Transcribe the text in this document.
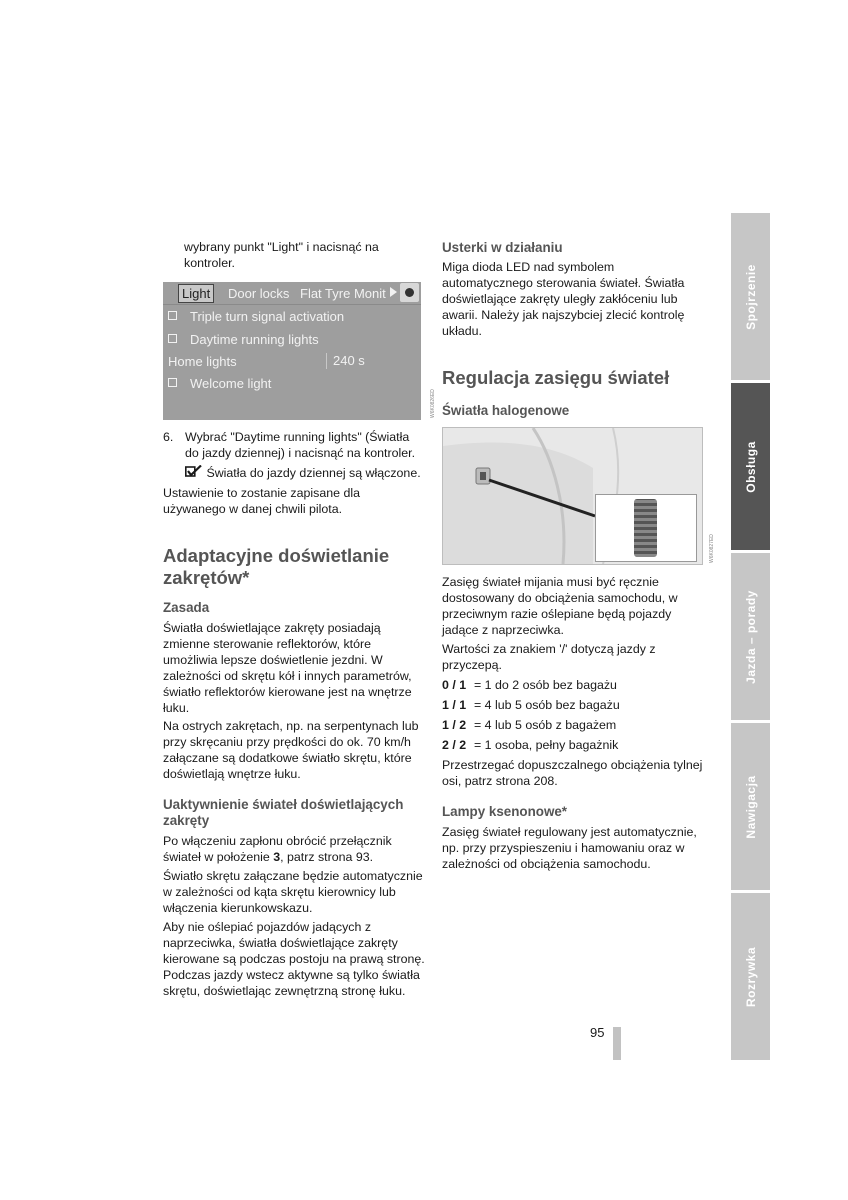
wybrany punkt "Light" i nacisnąć na kontroler.

Light	Door locks Flat Tyre Monit
Triple turn signal activation
Daytime running lights
Home lights	240 s
Welcome light
W6K0826ED
6. Wybrać "Daytime running lights" (Światła do jazdy dziennej) i nacisnąć na kontroler.

Światła do jazdy dziennej są włączone.

Ustawienie to zostanie zapisane dla używanego w danej chwili pilota.

Adaptacyjne doświetlanie zakrętów*
Zasada

Światła doświetlające zakręty posiadają zmienne sterowanie reflektorów, które umożliwia lepsze doświetlenie jezdni. W zależności od skrętu kół i innych parametrów, światło reflektorów kierowane jest na wnętrze łuku.

Na ostrych zakrętach, np. na serpentynach lub przy skręcaniu przy prędkości do ok. 70 km/h załączane są dodatkowe światło skrętu, które doświetlają wnętrze łuku.

Uaktywnienie świateł doświetlających zakręty

Po włączeniu zapłonu obrócić przełącznik świateł w położenie 3, patrz strona 93.

Światło skrętu załączane będzie automatycznie w zależności od kąta skrętu kierownicy lub włączenia kierunkowskazu.

Aby nie oślepiać pojazdów jadących z naprzeciwka, światła doświetlające zakręty kierowane są podczas postoju na prawą stronę. Podczas jazdy wstecz aktywne są tylko światła skrętu, doświetlając zewnętrzną stronę łuku.

Usterki w działaniu

Miga dioda LED nad symbolem automatycznego sterowania świateł. Światła doświetlające zakręty uległy zakłóceniu lub awarii. Należy jak najszybciej zlecić kontrolę układu.

Regulacja zasięgu świateł
Światła halogenowe
W6K0827ED

Zasięg świateł mijania musi być ręcznie dostosowany do obciążenia samochodu, w przeciwnym razie oślepiane będą pojazdy jadące z naprzeciwka.

Wartości za znakiem '/' dotyczą jazdy z przyczepą.

0 / 1 = 1 do 2 osób bez bagażu
1 / 1 = 4 lub 5 osób bez bagażu
1 / 2 = 4 lub 5 osób z bagażem
2 / 2 = 1 osoba, pełny bagażnik

Przestrzegać dopuszczalnego obciążenia tylnej osi, patrz strona 208.

Lampy ksenonowe*

Zasięg świateł regulowany jest automatycznie, np. przy przyspieszeniu i hamowaniu oraz w zależności od obciążenia samochodu.

95
Spojrzenie
Obsługa
Jazda – porady
Nawigacja
Rozrywka
